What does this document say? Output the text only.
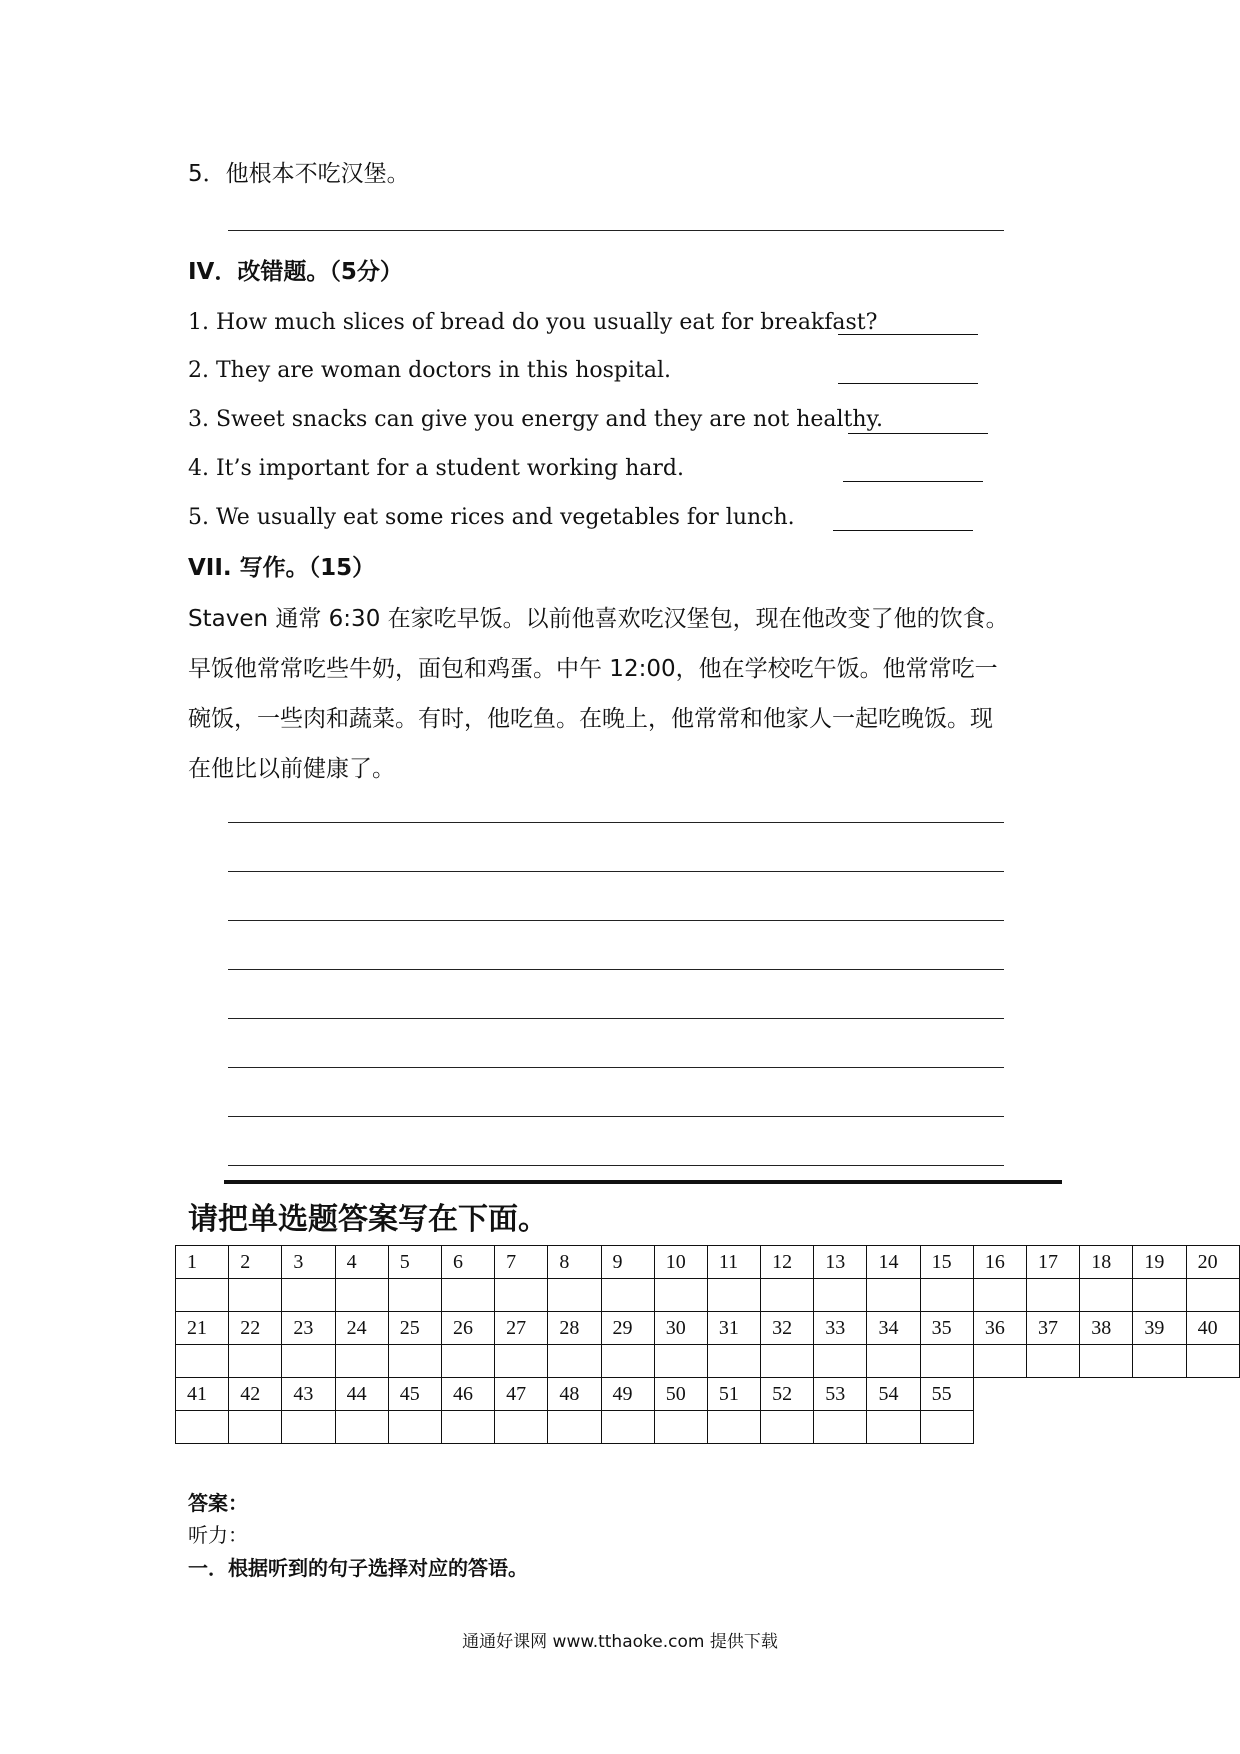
5．他根本不吃汉堡。
IV．改错题。（5分）
1. How much slices of bread do you usually eat for breakfast?
2. They are woman doctors in this hospital.
3. Sweet snacks can give you energy and they are not healthy.
4. It’s important for a student working hard.
5. We usually eat some rices and vegetables for lunch.
VII. 写作。（15）
Staven 通常 6:30 在家吃早饭。以前他喜欢吃汉堡包，现在他改变了他的饮食。
早饭他常常吃些牛奶，面包和鸡蛋。中午 12:00，他在学校吃午饭。他常常吃一
碗饭，一些肉和蔬菜。有时，他吃鱼。在晚上，他常常和他家人一起吃晚饭。现
在他比以前健康了。
请把单选题答案写在下面。
1	2	3	4	5	6	7	8	9	10	11	12	13	14	15	16	17	18	19	20

21	22	23	24	25	26	27	28	29	30	31	32	33	34	35	36	37	38	39	40

41	42	43	44	45	46	47	48	49	50	51	52	53	54	55					

答案：
听力：
一．根据听到的句子选择对应的答语。
通通好课网 www.tthaoke.com 提供下载
